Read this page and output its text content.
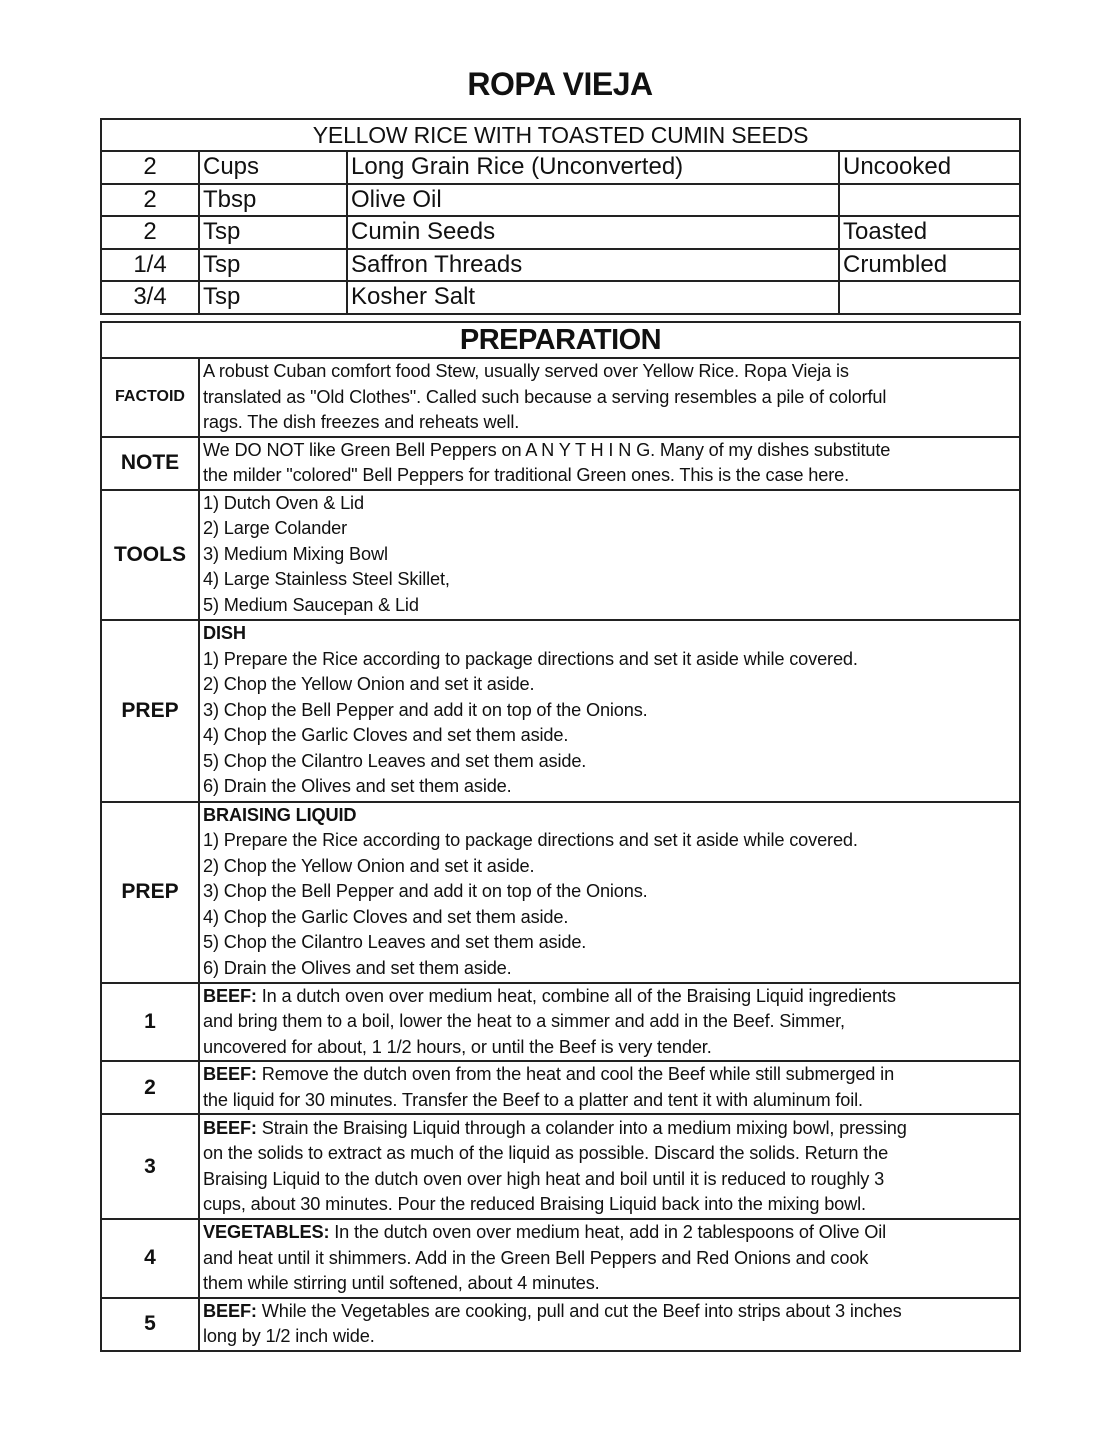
ROPA VIEJA
YELLOW RICE WITH TOASTED CUMIN SEEDS			
2	Cups	Long Grain Rice (Unconverted)	Uncooked
2	Tbsp	Olive Oil	
2	Tsp	Cumin Seeds	Toasted
1/4	Tsp	Saffron Threads	Crumbled
3/4	Tsp	Kosher Salt	
PREPARATION	
FACTOID	A robust Cuban comfort food Stew, usually served over Yellow Rice. Ropa Vieja is
translated as "Old Clothes". Called such because a serving resembles a pile of colorful
rags. The dish freezes and reheats well.

NOTE	We DO NOT like Green Bell Peppers on A N Y T H I N G. Many of my dishes substitute
the milder "colored" Bell Peppers for traditional Green ones. This is the case here.

TOOLS	1) Dutch Oven & Lid
2) Large Colander
3) Medium Mixing Bowl
4) Large Stainless Steel Skillet,
5) Medium Saucepan & Lid

PREP	
DISH
1) Prepare the Rice according to package directions and set it aside while covered.
2) Chop the Yellow Onion and set it aside.
3) Chop the Bell Pepper and add it on top of the Onions.
4) Chop the Garlic Cloves and set them aside.
5) Chop the Cilantro Leaves and set them aside.
6) Drain the Olives and set them aside.

PREP	
BRAISING LIQUID
1) Prepare the Rice according to package directions and set it aside while covered.
2) Chop the Yellow Onion and set it aside.
3) Chop the Bell Pepper and add it on top of the Onions.
4) Chop the Garlic Cloves and set them aside.
5) Chop the Cilantro Leaves and set them aside.
6) Drain the Olives and set them aside.

1	BEEF: In a dutch oven over medium heat, combine all of the Braising Liquid ingredients
and bring them to a boil, lower the heat to a simmer and add in the Beef. Simmer,
uncovered for about, 1 1/2 hours, or until the Beef is very tender.

2	BEEF: Remove the dutch oven from the heat and cool the Beef while still submerged in
the liquid for 30 minutes. Transfer the Beef to a platter and tent it with aluminum foil.

3	BEEF: Strain the Braising Liquid through a colander into a medium mixing bowl, pressing
on the solids to extract as much of the liquid as possible. Discard the solids. Return the
Braising Liquid to the dutch oven over high heat and boil until it is reduced to roughly 3
cups, about 30 minutes. Pour the reduced Braising Liquid back into the mixing bowl.

4	VEGETABLES: In the dutch oven over medium heat, add in 2 tablespoons of Olive Oil
and heat until it shimmers. Add in the Green Bell Peppers and Red Onions and cook
them while stirring until softened, about 4 minutes.

5	BEEF: While the Vegetables are cooking, pull and cut the Beef into strips about 3 inches
long by 1/2 inch wide.
